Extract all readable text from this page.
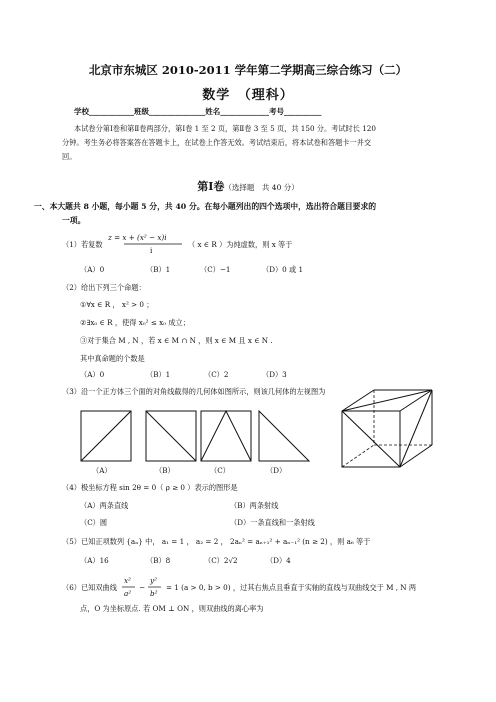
北京市东城区 2010-2011 学年第二学期高三综合练习（二）
数学　（理科）
学校____________班级_______________姓名_____________考号__________
本试卷分第Ⅰ卷和第Ⅱ卷两部分，第Ⅰ卷 1 至 2 页，第Ⅱ卷 3 至 5 页，共 150 分。考试时长 120
分钟。考生务必将答案答在答题卡上，在试卷上作答无效。考试结束后，将本试卷和答题卡一并交
回。
第Ⅰ卷（选择题　共 40 分）
一、本大题共 8 小题，每小题 5 分，共 40 分。在每小题列出的四个选项中，选出符合题目要求的
一项。
（1）若复数
z = x + (x² − x)i
i
（ x ∈ R ）为纯虚数，则 x 等于
（A）0	（B）1	（C）−1	（D）0 或 1
（2）给出下列三个命题：
①∀x ∈ R ， x² > 0 ；
②∃x₀ ∈ R ，使得 x₀² ≤ x₀ 成立；
③对于集合 M , N ，若 x ∈ M ∩ N ，则 x ∈ M 且 x ∈ N .
其中真命题的个数是
（A）0	（B）1	（C）2	（D）3
（3）沿一个正方体三个面的对角线截得的几何体如图所示，则该几何体的左视图为
（A）	（B）	（C）	（D）
（4）极坐标方程 sin 2θ = 0（ ρ ≥ 0 ）表示的图形是
（A）两条直线	（B）两条射线
（C）圆	（D）一条直线和一条射线
（5）已知正项数列 {aₙ} 中， a₁ = 1 ， a₂ = 2 ， 2aₙ² = aₙ₊₁² + aₙ₋₁² (n ≥ 2) ，则 a₆ 等于
（A）16	（B）8	（C）2√2	（D）4
（6）已知双曲线
x²
a²
−
y²
b²
= 1 (a > 0, b > 0) ，过其右焦点且垂直于实轴的直线与双曲线交于 M , N 两
点，O 为坐标原点. 若 OM ⊥ ON ，则双曲线的离心率为
